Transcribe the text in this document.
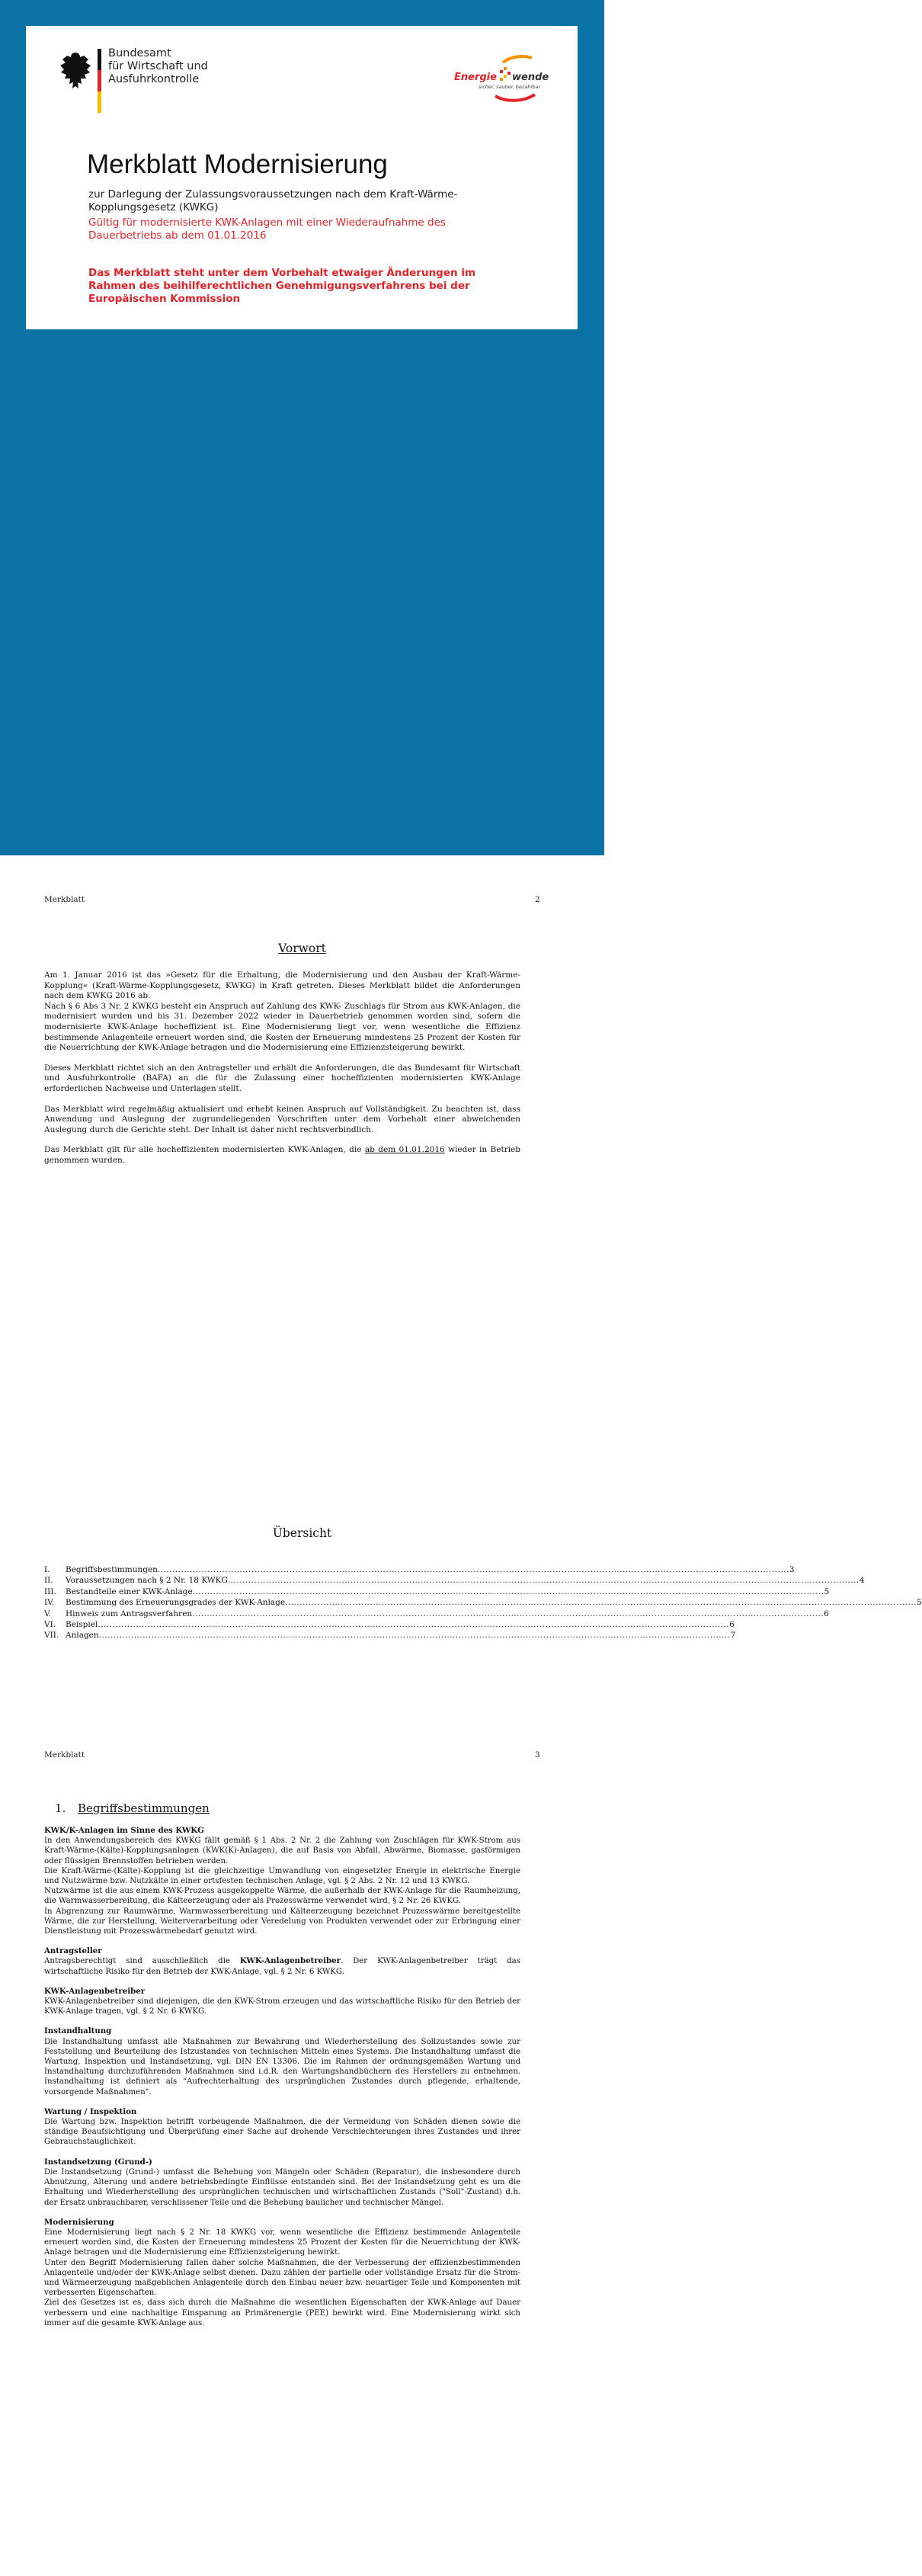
Bundesamt
für Wirtschaft und
Ausfuhrkontrolle	Energie wende
sicher, sauber, bezahlbar
Merkblatt Modernisierung
zur Darlegung der Zulassungsvoraussetzungen nach dem Kraft-Wärme-Kopplungsgesetz (KWKG)
Gültig für modernisierte KWK-Anlagen mit einer Wiederaufnahme des Dauerbetriebs ab dem 01.01.2016
Das Merkblatt steht unter dem Vorbehalt etwaiger Änderungen im Rahmen des beihilferechtlichen Genehmigungsverfahrens bei der Europäischen Kommission
Merkblatt	2
Vorwort

Am 1. Januar 2016 ist das »Gesetz für die Erhaltung, die Modernisierung und den Ausbau der Kraft-Wärme-Kopplung« (Kraft-Wärme-Kopplungsgesetz, KWKG) in Kraft getreten. Dieses Merkblatt bildet die Anforderungen nach dem KWKG 2016 ab.

Nach § 6 Abs 3 Nr. 2 KWKG besteht ein Anspruch auf Zahlung des KWK- Zuschlags für Strom aus KWK-Anlagen, die modernisiert wurden und bis 31. Dezember 2022 wieder in Dauerbetrieb genommen worden sind, sofern die modernisierte KWK-Anlage hocheffizient ist. Eine Modernisierung liegt vor, wenn wesentliche die Effizienz bestimmende Anlagenteile erneuert worden sind, die Kosten der Erneuerung mindestens 25 Prozent der Kosten für die Neuerrichtung der KWK-Anlage betragen und die Modernisierung eine Effizienzsteigerung bewirkt.

Dieses Merkblatt richtet sich an den Antragsteller und erhält die Anforderungen, die das Bundesamt für Wirtschaft und Ausfuhrkontrolle (BAFA) an die für die Zulassung einer hocheffizienten modernisierten KWK-Anlage erforderlichen Nachweise und Unterlagen stellt.

Das Merkblatt wird regelmäßig aktualisiert und erhebt keinen Anspruch auf Vollständigkeit. Zu beachten ist, dass Anwendung und Auslegung der zugrundeliegenden Vorschriften unter dem Vorbehalt einer abweichenden Auslegung durch die Gerichte steht. Der Inhalt ist daher nicht rechtsverbindlich.

Das Merkblatt gilt für alle hocheffizienten modernisierten KWK-Anlagen, die ab dem 01.01.2016 wieder in Betrieb genommen wurden.

Übersicht
I.	Begriffsbestimmungen ........................................................................................................................................................................................................................ 3
II.	Voraussetzungen nach § 2 Nr. 18 KWKG ........................................................................................................................................................................................................................ 4
III.	Bestandteile einer KWK-Anlage ........................................................................................................................................................................................................................ 5
IV.	Bestimmung des Erneuerungsgrades der KWK-Anlage ........................................................................................................................................................................................................................ 5
V.	Hinweis zum Antragsverfahren ........................................................................................................................................................................................................................ 6
VI.	Beispiel ........................................................................................................................................................................................................................ 6
VII. Anlagen ........................................................................................................................................................................................................................ 7
Merkblatt	3
1. Begriffsbestimmungen
KWK/K-Anlagen im Sinne des KWKG

In den Anwendungsbereich des KWKG fällt gemäß § 1 Abs. 2 Nr. 2 die Zahlung von Zuschlägen für KWK-Strom aus Kraft-Wärme-(Kälte)-Kopplungsanlagen (KWK(K)-Anlagen), die auf Basis von Abfall, Abwärme, Biomasse, gasförmigen oder flüssigen Brennstoffen betrieben werden.
Die Kraft-Wärme-(Kälte)-Kopplung ist die gleichzeitige Umwandlung von eingesetzter Energie in elektrische Energie und Nutzwärme bzw. Nutzkälte in einer ortsfesten technischen Anlage, vgl. § 2 Abs. 2 Nr. 12 und 13 KWKG.
Nutzwärme ist die aus einem KWK-Prozess ausgekoppelte Wärme, die außerhalb der KWK-Anlage für die Raumheizung, die Warmwasserbereitung, die Kälteerzeugung oder als Prozesswärme verwendet wird, § 2 Nr. 26 KWKG.
In Abgrenzung zur Raumwärme, Warmwasserbereitung und Kälteerzeugung bezeichnet Prozesswärme bereitgestellte Wärme, die zur Herstellung, Weiterverarbeitung oder Veredelung von Produkten verwendet oder zur Erbringung einer Dienstleistung mit Prozesswärmebedarf genutzt wird.

Antragsteller

Antragsberechtigt sind ausschließlich die KWK-Anlagenbetreiber. Der KWK-Anlagenbetreiber trägt das wirtschaftliche Risiko für den Betrieb der KWK-Anlage, vgl. § 2 Nr. 6 KWKG.

KWK-Anlagenbetreiber

KWK-Anlagenbetreiber sind diejenigen, die den KWK-Strom erzeugen und das wirtschaftliche Risiko für den Betrieb der KWK-Anlage tragen, vgl. § 2 Nr. 6 KWKG.

Instandhaltung

Die Instandhaltung umfasst alle Maßnahmen zur Bewahrung und Wiederherstellung des Sollzustandes sowie zur Feststellung und Beurteilung des Istzustandes von technischen Mitteln eines Systems. Die Instandhaltung umfasst die Wartung, Inspektion und Instandsetzung, vgl. DIN EN 13306. Die im Rahmen der ordnungsgemäßen Wartung und Instandhaltung durchzuführenden Maßnahmen sind i.d.R. den Wartungshandbüchern des Herstellers zu entnehmen. Instandhaltung ist definiert als "Aufrechterhaltung des ursprünglichen Zustandes durch pflegende, erhaltende, vorsorgende Maßnahmen".

Wartung / Inspektion

Die Wartung bzw. Inspektion betrifft vorbeugende Maßnahmen, die der Vermeidung von Schäden dienen sowie die ständige Beaufsichtigung und Überprüfung einer Sache auf drohende Verschlechterungen ihres Zustandes und ihrer Gebrauchstauglichkeit.

Instandsetzung (Grund-)

Die Instandsetzung (Grund-) umfasst die Behebung von Mängeln oder Schäden (Reparatur), die insbesondere durch Abnutzung, Alterung und andere betriebsbedingte Einflüsse entstanden sind. Bei der Instandsetzung geht es um die Erhaltung und Wiederherstellung des ursprünglichen technischen und wirtschaftlichen Zustands ("Soll"-Zustand) d.h. der Ersatz unbrauchbarer, verschlissener Teile und die Behebung baulicher und technischer Mängel.

Modernisierung

Eine Modernisierung liegt nach § 2 Nr. 18 KWKG vor, wenn wesentliche die Effizienz bestimmende Anlagenteile erneuert worden sind, die Kosten der Erneuerung mindestens 25 Prozent der Kosten für die Neuerrichtung der KWK-Anlage betragen und die Modernisierung eine Effizienzsteigerung bewirkt.
Unter den Begriff Modernisierung fallen daher solche Maßnahmen, die der Verbesserung der effizienzbestimmenden Anlagenteile und/oder der KWK-Anlage selbst dienen. Dazu zählen der partielle oder vollständige Ersatz für die Strom- und Wärmeerzeugung maßgeblichen Anlagenteile durch den Einbau neuer bzw. neuartiger Teile und Komponenten mit verbesserten Eigenschaften.
Ziel des Gesetzes ist es, dass sich durch die Maßnahme die wesentlichen Eigenschaften der KWK-Anlage auf Dauer verbessern und eine nachhaltige Einsparung an Primärenergie (PEE) bewirkt wird. Eine Modernisierung wirkt sich immer auf die gesamte KWK-Anlage aus.
